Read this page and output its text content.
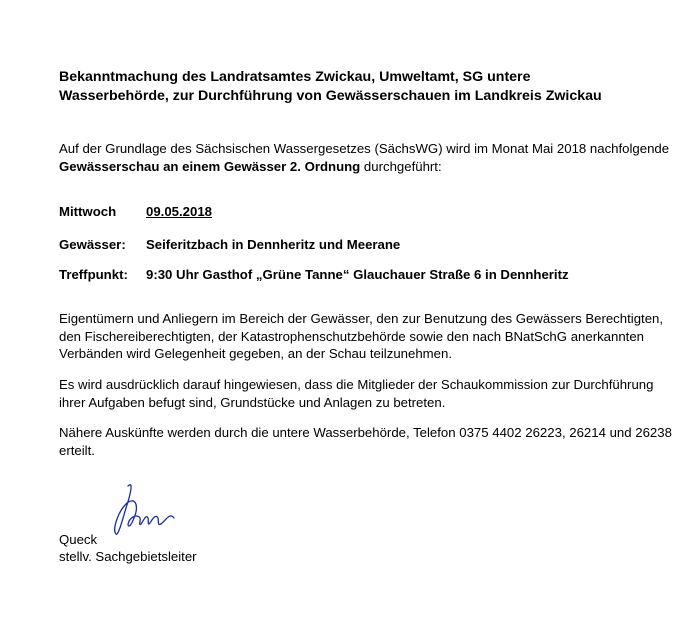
Bekanntmachung des Landratsamtes Zwickau, Umweltamt, SG untere Wasserbehörde, zur Durchführung von Gewässerschauen im Landkreis Zwickau

Auf der Grundlage des Sächsischen Wassergesetzes (SächsWG) wird im Monat Mai 2018 nachfolgende Gewässerschau an einem Gewässer 2. Ordnung durchgeführt:

Mittwoch 09.05.2018
Gewässer: Seiferitzbach in Dennheritz und Meerane
Treffpunkt: 9:30 Uhr Gasthof „Grüne Tanne“ Glauchauer Straße 6 in Dennheritz

Eigentümern und Anliegern im Bereich der Gewässer, den zur Benutzung des Gewässers Berechtigten, den Fischereiberechtigten, der Katastrophenschutzbehörde sowie den nach BNatSchG anerkannten Verbänden wird Gelegenheit gegeben, an der Schau teilzunehmen.

Es wird ausdrücklich darauf hingewiesen, dass die Mitglieder der Schaukommission zur Durchführung ihrer Aufgaben befugt sind, Grundstücke und Anlagen zu betreten.

Nähere Auskünfte werden durch die untere Wasserbehörde, Telefon 0375 4402 26223, 26214 und 26238 erteilt.

Queck
stellv. Sachgebietsleiter
